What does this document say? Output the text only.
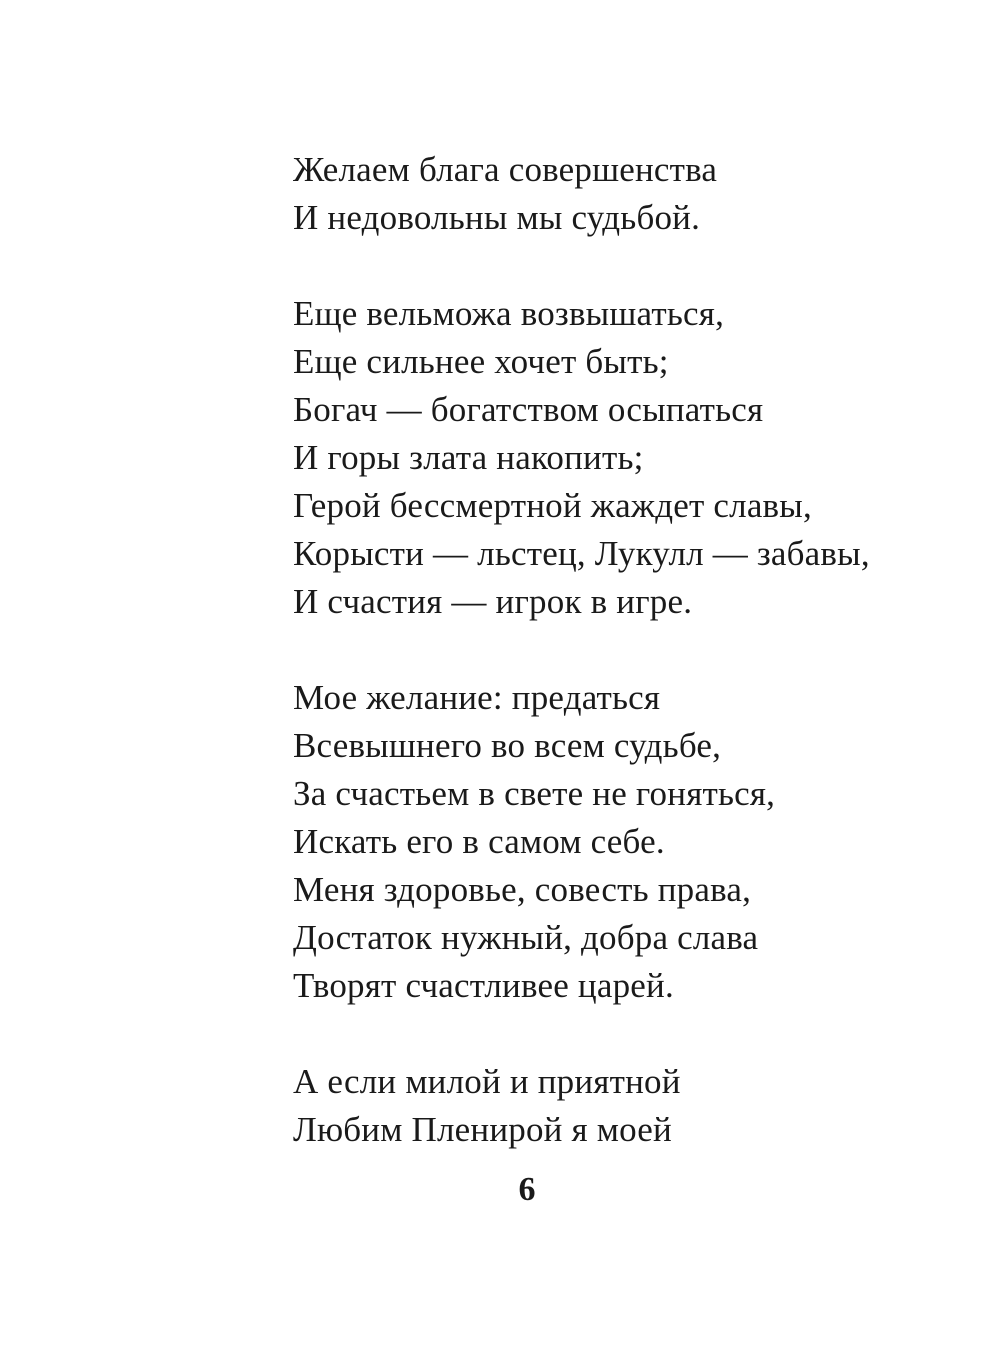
Желаем блага совершенства
И недовольны мы судьбой.
Еще вельможа возвышаться,
Еще сильнее хочет быть;
Богач — богатством осыпаться
И горы злата накопить;
Герой бессмертной жаждет славы,
Корысти — льстец, Лукулл — забавы,
И счастия — игрок в игре.
Мое желание: предаться
Всевышнего во всем судьбе,
За счастьем в свете не гоняться,
Искать его в самом себе.
Меня здоровье, совесть права,
Достаток нужный, добра слава
Творят счастливее царей.
А если милой и приятной
Любим Пленирой я моей
6
